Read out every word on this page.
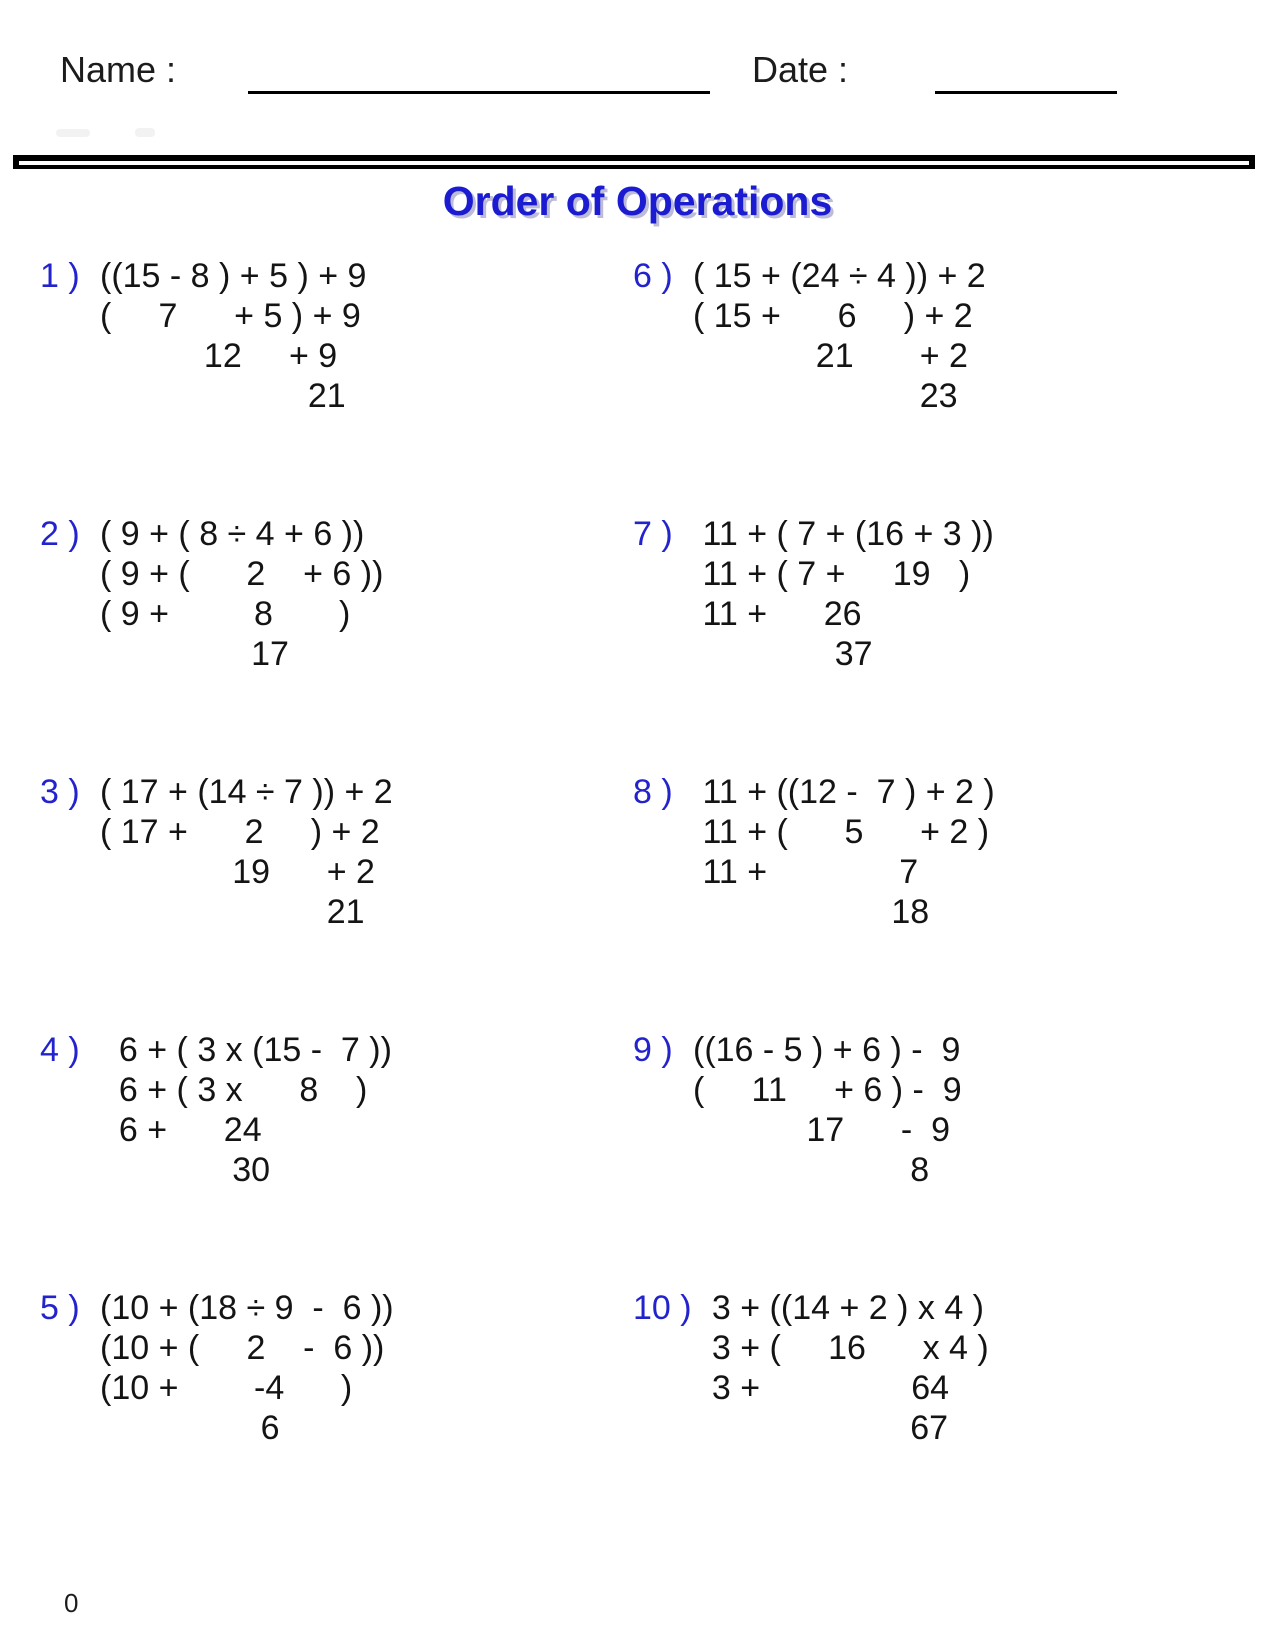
Name :	Date :
Order of Operations
1 ) ((15 - 8 ) + 5 ) + 9
(     7      + 5 ) + 9
12     + 9
21
2 ) ( 9 + ( 8 ÷ 4 + 6 ))
( 9 + (      2    + 6 ))
( 9 +         8       )
17
3 ) ( 17 + (14 ÷ 7 )) + 2
( 17 +      2     ) + 2
19      + 2
21
4 ) 6 + ( 3 x (15 -  7 ))
6 + ( 3 x      8    )
6 +      24
30
5 ) (10 + (18 ÷ 9  -  6 ))
(10 + (     2    -  6 ))
(10 +        -4      )
6
6 ) ( 15 + (24 ÷ 4 )) + 2
( 15 +      6     ) + 2
21       + 2
23
7 ) 11 + ( 7 + (16 + 3 ))
11 + ( 7 +     19   )
11 +      26
37
8 ) 11 + ((12 -  7 ) + 2 )
11 + (      5      + 2 )
11 +              7
18
9 ) ((16 - 5 ) + 6 ) -  9
(     11     + 6 ) -  9
17      -  9
8
10 ) 3 + ((14 + 2 ) x 4 )
3 + (     16      x 4 )
3 +                64
67
0
